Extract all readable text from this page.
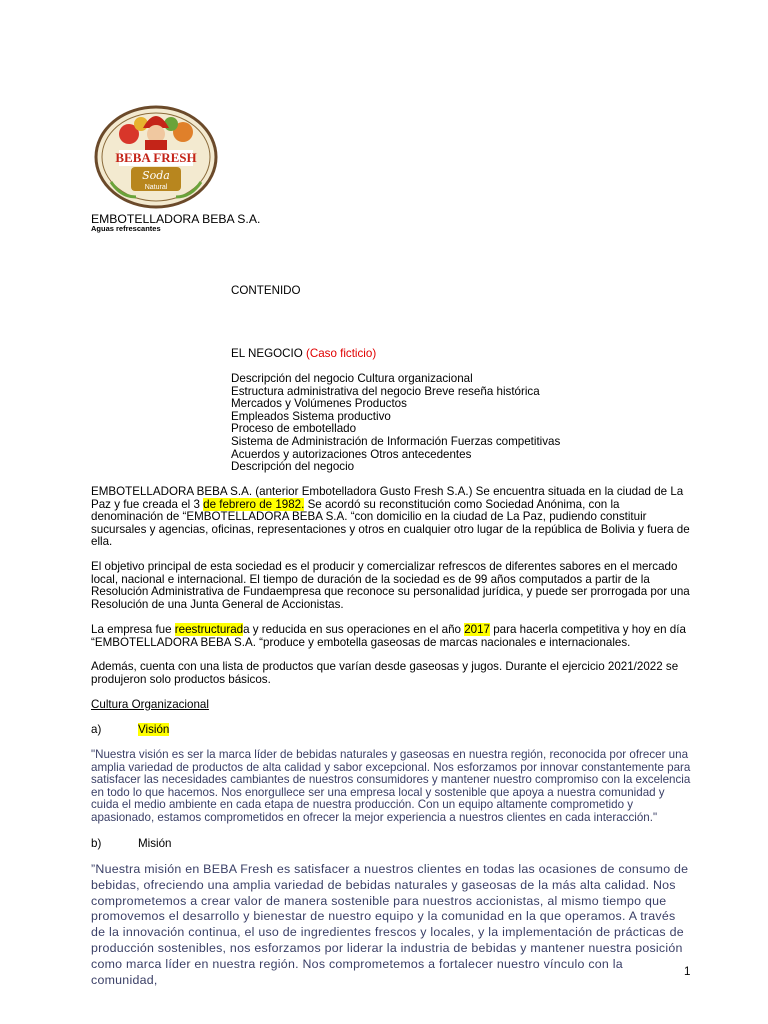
BEBA FRESH
Soda
Natural
EMBOTELLADORA BEBA S.A.
Aguas refrescantes
CONTENIDO
EL NEGOCIO (Caso ficticio)
Descripción del negocio Cultura organizacional
Estructura administrativa del negocio Breve reseña histórica
Mercados y Volúmenes Productos
Empleados Sistema productivo
Proceso de embotellado
Sistema de Administración de Información Fuerzas competitivas
Acuerdos y autorizaciones Otros antecedentes
Descripción del negocio

EMBOTELLADORA BEBA S.A. (anterior Embotelladora Gusto Fresh S.A.) Se encuentra situada en la ciudad de La Paz y fue creada el 3 de febrero de 1982. Se acordó su reconstitución como Sociedad Anónima, con la denominación de “EMBOTELLADORA BEBA S.A. “con domicilio en la ciudad de La Paz, pudiendo constituir sucursales y agencias, oficinas, representaciones y otros en cualquier otro lugar de la república de Bolivia y fuera de ella.

El objetivo principal de esta sociedad es el producir y comercializar refrescos de diferentes sabores en el mercado local, nacional e internacional. El tiempo de duración de la sociedad es de 99 años computados a partir de la Resolución Administrativa de Fundaempresa que reconoce su personalidad jurídica, y puede ser prorrogada por una Resolución de una Junta General de Accionistas.

La empresa fue reestructurada y reducida en sus operaciones en el año 2017 para hacerla competitiva y hoy en día “EMBOTELLADORA BEBA S.A. “produce y embotella gaseosas de marcas nacionales e internacionales.

Además, cuenta con una lista de productos que varían desde gaseosas y jugos. Durante el ejercicio 2021/2022 se produjeron solo productos básicos.

Cultura Organizacional
a)	Visión

"Nuestra visión es ser la marca líder de bebidas naturales y gaseosas en nuestra región, reconocida por ofrecer una amplia variedad de productos de alta calidad y sabor excepcional. Nos esforzamos por innovar constantemente para satisfacer las necesidades cambiantes de nuestros consumidores y mantener nuestro compromiso con la excelencia en todo lo que hacemos. Nos enorgullece ser una empresa local y sostenible que apoya a nuestra comunidad y cuida el medio ambiente en cada etapa de nuestra producción. Con un equipo altamente comprometido y apasionado, estamos comprometidos en ofrecer la mejor experiencia a nuestros clientes en cada interacción."

b)	Misión

”Nuestra misión en BEBA Fresh es satisfacer a nuestros clientes en todas las ocasiones de consumo de bebidas, ofreciendo una amplia variedad de bebidas naturales y gaseosas de la más alta calidad. Nos comprometemos a crear valor de manera sostenible para nuestros accionistas, al mismo tiempo que promovemos el desarrollo y bienestar de nuestro equipo y la comunidad en la que operamos. A través de la innovación continua, el uso de ingredientes frescos y locales, y la implementación de prácticas de producción sostenibles, nos esforzamos por liderar la industria de bebidas y mantener nuestra posición como marca líder en nuestra región. Nos comprometemos a fortalecer nuestro vínculo con la comunidad,

1
